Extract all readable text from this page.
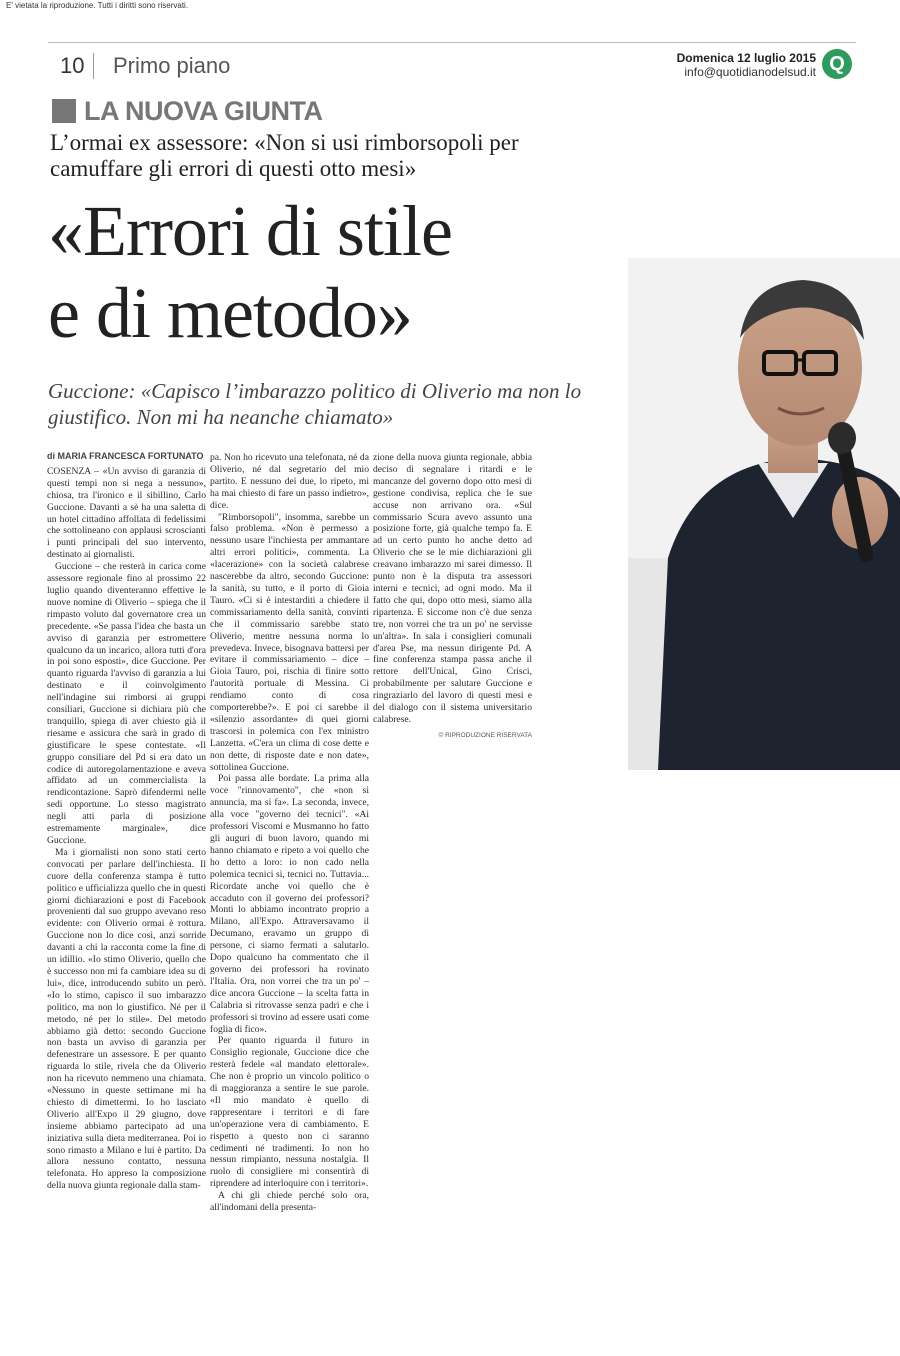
E' vietata la riproduzione. Tutti i diritti sono riservati.
10 Primo piano	Domenica 12 luglio 2015
info@quotidianodelsud.it Q
LA NUOVA GIUNTA
L’ormai ex assessore: «Non si usi rimborsopoli per camuffare gli errori di questi otto mesi»
«Errori di stile
e di metodo»
Guccione: «Capisco l’imbarazzo politico di Oliverio ma non lo giustifico. Non mi ha neanche chiamato»
di MARIA FRANCESCA FORTUNATO

COSENZA – «Un avviso di garanzia di questi tempi non si nega a nessuno», chiosa, tra l'ironico e il sibillino, Carlo Guccione. Davanti a sè ha una saletta di un hotel cittadino affollata di fedelissimi che sottolineano con applausi scroscianti i punti principali del suo intervento, destinato ai giornalisti.

Guccione – che resterà in carica come assessore regionale fino al prossimo 22 luglio quando diventeranno effettive le nuove nomine di Oliverio – spiega che il rimpasto voluto dal governatore crea un precedente. «Se passa l'idea che basta un avviso di garanzia per estromettere qualcuno da un incarico, allora tutti d'ora in poi sono esposti», dice Guccione. Per quanto riguarda l'avviso di garanzia a lui destinato e il coinvolgimento nell'indagine sui rimborsi ai gruppi consiliari, Guccione si dichiara più che tranquillo, spiega di aver chiesto già il riesame e assicura che sarà in grado di giustificare le spese contestate. «Il gruppo consiliare del Pd si era dato un codice di autoregolamentazione e aveva affidato ad un commercialista la rendicontazione. Saprò difendermi nelle sedi opportune. Lo stesso magistrato negli atti parla di posizione estremamente marginale», dice Guccione.

Ma i giornalisti non sono stati certo convocati per parlare dell'inchiesta. Il cuore della conferenza stampa è tutto politico e ufficializza quello che in questi giorni dichiarazioni e post di Facebook provenienti dal suo gruppo avevano reso evidente: con Oliverio ormai è rottura. Guccione non lo dice così, anzi sorride davanti a chi la racconta come la fine di un idillio. «Io stimo Oliverio, quello che è successo non mi fa cambiare idea su di lui», dice, introducendo subito un però. «Io lo stimo, capisco il suo imbarazzo politico, ma non lo giustifico. Né per il metodo, né per lo stile». Del metodo abbiamo già detto: secondo Guccione non basta un avviso di garanzia per defenestrare un assessore. E per quanto riguarda lo stile, rivela che da Oliverio non ha ricevuto nemmeno una chiamata. «Nessuno in queste settimane mi ha chiesto di dimettermi. Io ho lasciato Oliverio all'Expo il 29 giugno, dove insieme abbiamo partecipato ad una iniziativa sulla dieta mediterranea. Poi io sono rimasto a Milano e lui è partito. Da allora nessuno contatto, nessuna telefonata. Ho appreso la composizione della nuova giunta regionale dalla stam-

pa. Non ho ricevuto una telefonata, né da Oliverio, né dal segretario del mio partito. E nessuno dei due, lo ripeto, mi ha mai chiesto di fare un passo indietro», dice.

"Rimborsopoli", insomma, sarebbe un falso problema. «Non è permesso a nessuno usare l'inchiesta per ammantare altri errori politici», commenta. La «lacerazione» con la società calabrese nascerebbe da altro, secondo Guccione: la sanità, su tutto, e il porto di Gioia Tauro. «Ci si è intestarditi a chiedere il commissariamento della sanità, convinti che il commissario sarebbe stato Oliverio, mentre nessuna norma lo prevedeva. Invece, bisognava battersi per evitare il commissariamento – dice – Gioia Tauro, poi, rischia di finire sotto l'autorità portuale di Messina. Ci rendiamo conto di cosa comporterebbe?». E poi ci sarebbe il «silenzio assordante» di quei giorni trascorsi in polemica con l'ex ministro Lanzetta. «C'era un clima di cose dette e non dette, di risposte date e non date», sottolinea Guccione.

Poi passa alle bordate. La prima alla voce "rinnovamento", che «non si annuncia, ma si fa». La seconda, invece, alla voce "governo dei tecnici". «Ai professori Viscomi e Musmanno ho fatto gli auguri di buon lavoro, quando mi hanno chiamato e ripeto a voi quello che ho detto a loro: io non cado nella polemica tecnici sì, tecnici no. Tuttavia... Ricordate anche voi quello che è accaduto con il governo dei professori? Monti lo abbiamo incontrato proprio a Milano, all'Expo. Attraversavamo il Decumano, eravamo un gruppo di persone, ci siamo fermati a salutarlo. Dopo qualcuno ha commentato che il governo dei professori ha rovinato l'Italia. Ora, non vorrei che tra un po' – dice ancora Guccione – la scelta fatta in Calabria si ritrovasse senza padri e che i professori si trovino ad essere usati come foglia di fico».

Per quanto riguarda il futuro in Consiglio regionale, Guccione dice che resterà fedele «al mandato elettorale». Che non è proprio un vincolo politico o di maggioranza a sentire le sue parole. «Il mio mandato è quello di rappresentare i territori e di fare un'operazione vera di cambiamento. E rispetto a questo non ci saranno cedimenti né tradimenti. Io non ho nessun rimpianto, nessuna nostalgia. Il ruolo di consigliere mi consentirà di riprendere ad interloquire con i territori».

A chi gli chiede perché solo ora, all'indomani della presenta-

zione della nuova giunta regionale, abbia deciso di segnalare i ritardi e le mancanze del governo dopo otto mesi di gestione condivisa, replica che le sue accuse non arrivano ora. «Sul commissario Scura avevo assunto una posizione forte, già qualche tempo fa. E ad un certo punto ho anche detto ad Oliverio che se le mie dichiarazioni gli creavano imbarazzo mi sarei dimesso. Il punto non è la disputa tra assessori interni e tecnici, ad ogni modo. Ma il fatto che qui, dopo otto mesi, siamo alla ripartenza. E siccome non c'è due senza tre, non vorrei che tra un po' ne servisse un'altra». In sala i consiglieri comunali d'area Pse, ma nessun dirigente Pd. A fine conferenza stampa passa anche il rettore dell'Unical, Gino Crisci, probabilmente per salutare Guccione e ringraziarlo del lavoro di questi mesi e del dialogo con il sistema universitario calabrese.

© RIPRODUZIONE RISERVATA
